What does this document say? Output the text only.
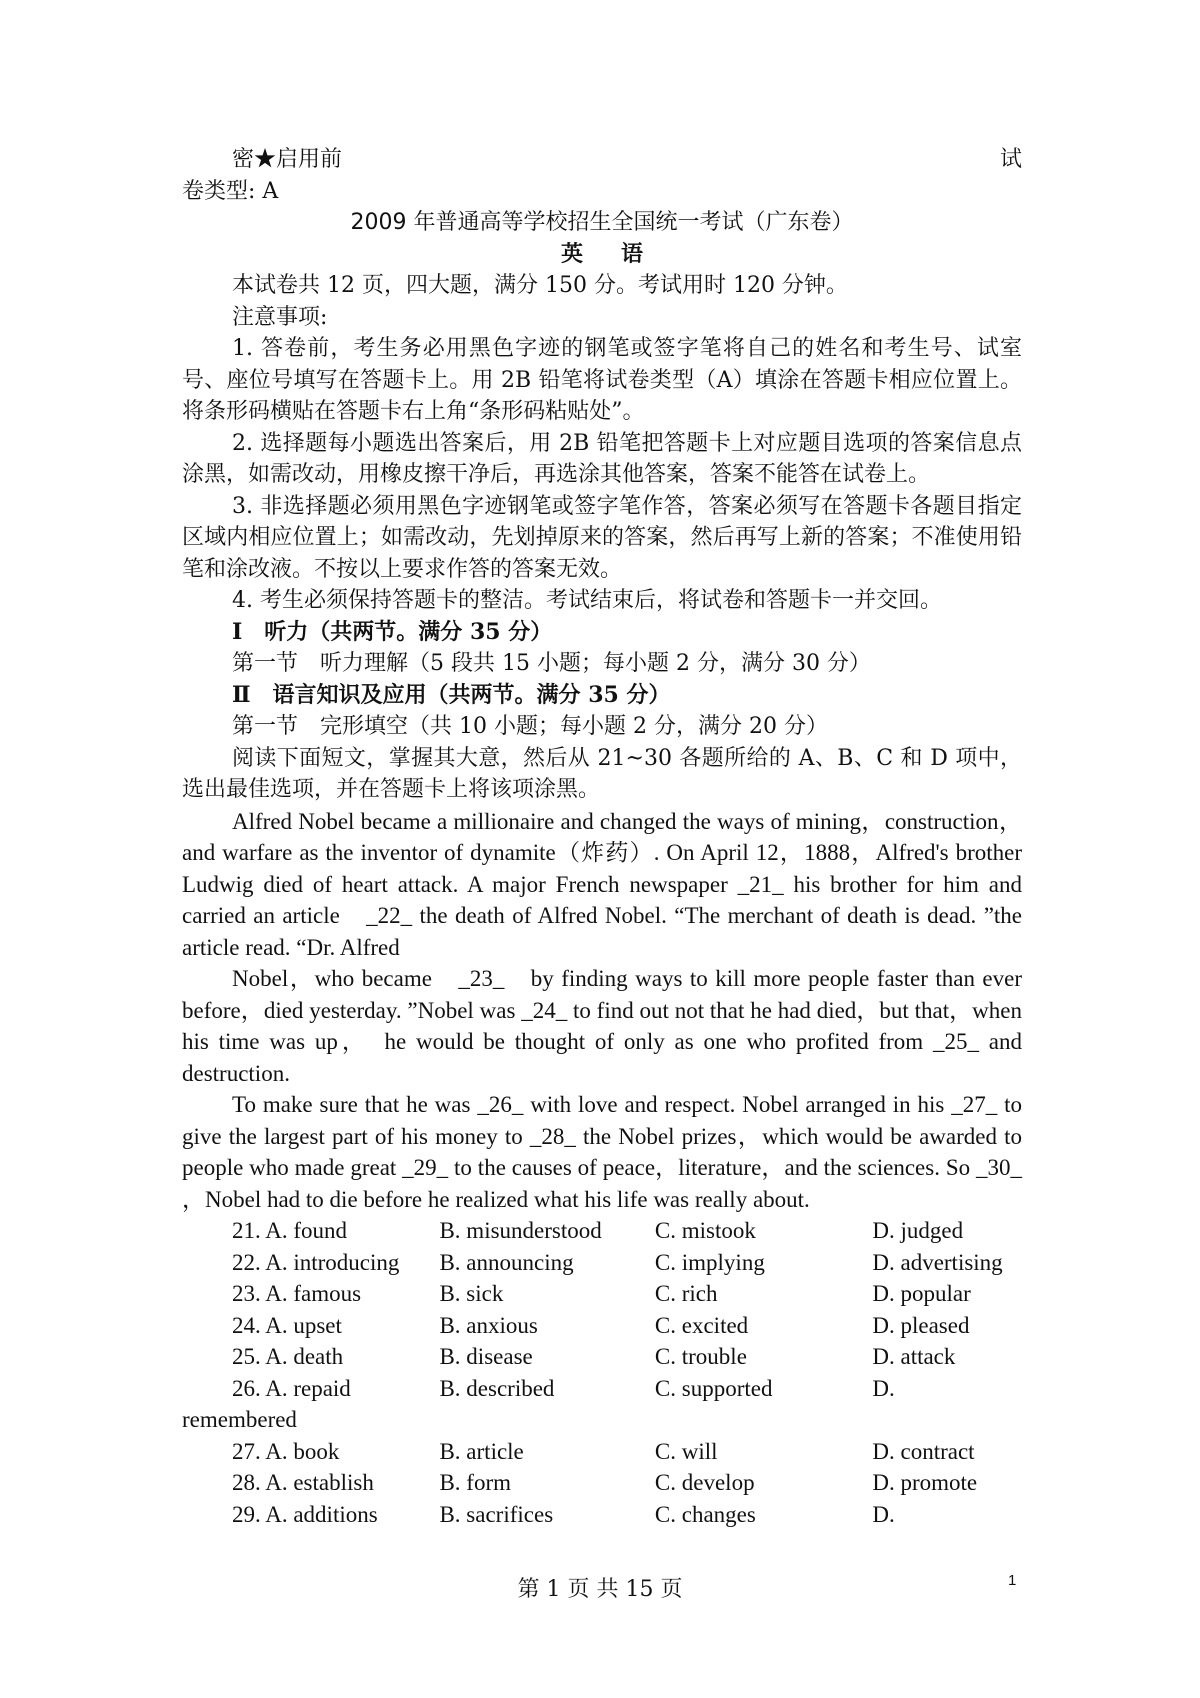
密★启用前	试

卷类型: A

2009 年普通高等学校招生全国统一考试（广东卷）

英语

本试卷共 12 页，四大题，满分 150 分。考试用时 120 分钟。

注意事项:

1. 答卷前，考生务必用黑色字迹的钢笔或签字笔将自己的姓名和考生号、试室号、座位号填写在答题卡上。用 2B 铅笔将试卷类型（A）填涂在答题卡相应位置上。将条形码横贴在答题卡右上角“条形码粘贴处”。

2. 选择题每小题选出答案后，用 2B 铅笔把答题卡上对应题目选项的答案信息点涂黑，如需改动，用橡皮擦干净后，再选涂其他答案，答案不能答在试卷上。

3. 非选择题必须用黑色字迹钢笔或签字笔作答，答案必须写在答题卡各题目指定区域内相应位置上；如需改动，先划掉原来的答案，然后再写上新的答案；不准使用铅笔和涂改液。不按以上要求作答的答案无效。

4. 考生必须保持答题卡的整洁。考试结束后，将试卷和答题卡一并交回。

I　听力（共两节。满分 35 分）

第一节　听力理解（5 段共 15 小题；每小题 2 分，满分 30 分）

Ⅱ　语言知识及应用（共两节。满分 35 分）

第一节　完形填空（共 10 小题；每小题 2 分，满分 20 分）

阅读下面短文，掌握其大意，然后从 21~30 各题所给的 A、B、C 和 D 项中，选出最佳选项，并在答题卡上将该项涂黑。

Alfred Nobel became a millionaire and changed the ways of mining，construction，and warfare as the inventor of dynamite（炸药）. On April 12，1888，Alfred's brother Ludwig died of heart attack. A major French newspaper _21_ his brother for him and carried an article　_22_ the death of Alfred Nobel. “The merchant of death is dead. ”the article read. “Dr. Alfred

Nobel，who became　_23_　by finding ways to kill more people faster than ever before，died yesterday. ”Nobel was _24_ to find out not that he had died，but that，when his time was up，　he would be thought of only as one who profited from _25_ and destruction.

To make sure that he was _26_ with love and respect. Nobel arranged in his _27_ to give the largest part of his money to _28_ the Nobel prizes，which would be awarded to people who made great _29_ to the causes of peace，literature，and the sciences. So _30_ ，Nobel had to die before he realized what his life was really about.

21. A. found	B. misunderstood	C. mistook	D. judged
22. A. introducing	B. announcing	C. implying	D. advertising
23. A. famous	B. sick	C. rich	D. popular
24. A. upset	B. anxious	C. excited	D. pleased
25. A. death	B. disease	C. trouble	D. attack
26. A. repaid	B. described	C. supported	D.
remembered
27. A. book	B. article	C. will	D. contract
28. A. establish	B. form	C. develop	D. promote
29. A. additions	B. sacrifices	C. changes	D.
第 1 页 共 15 页	1
